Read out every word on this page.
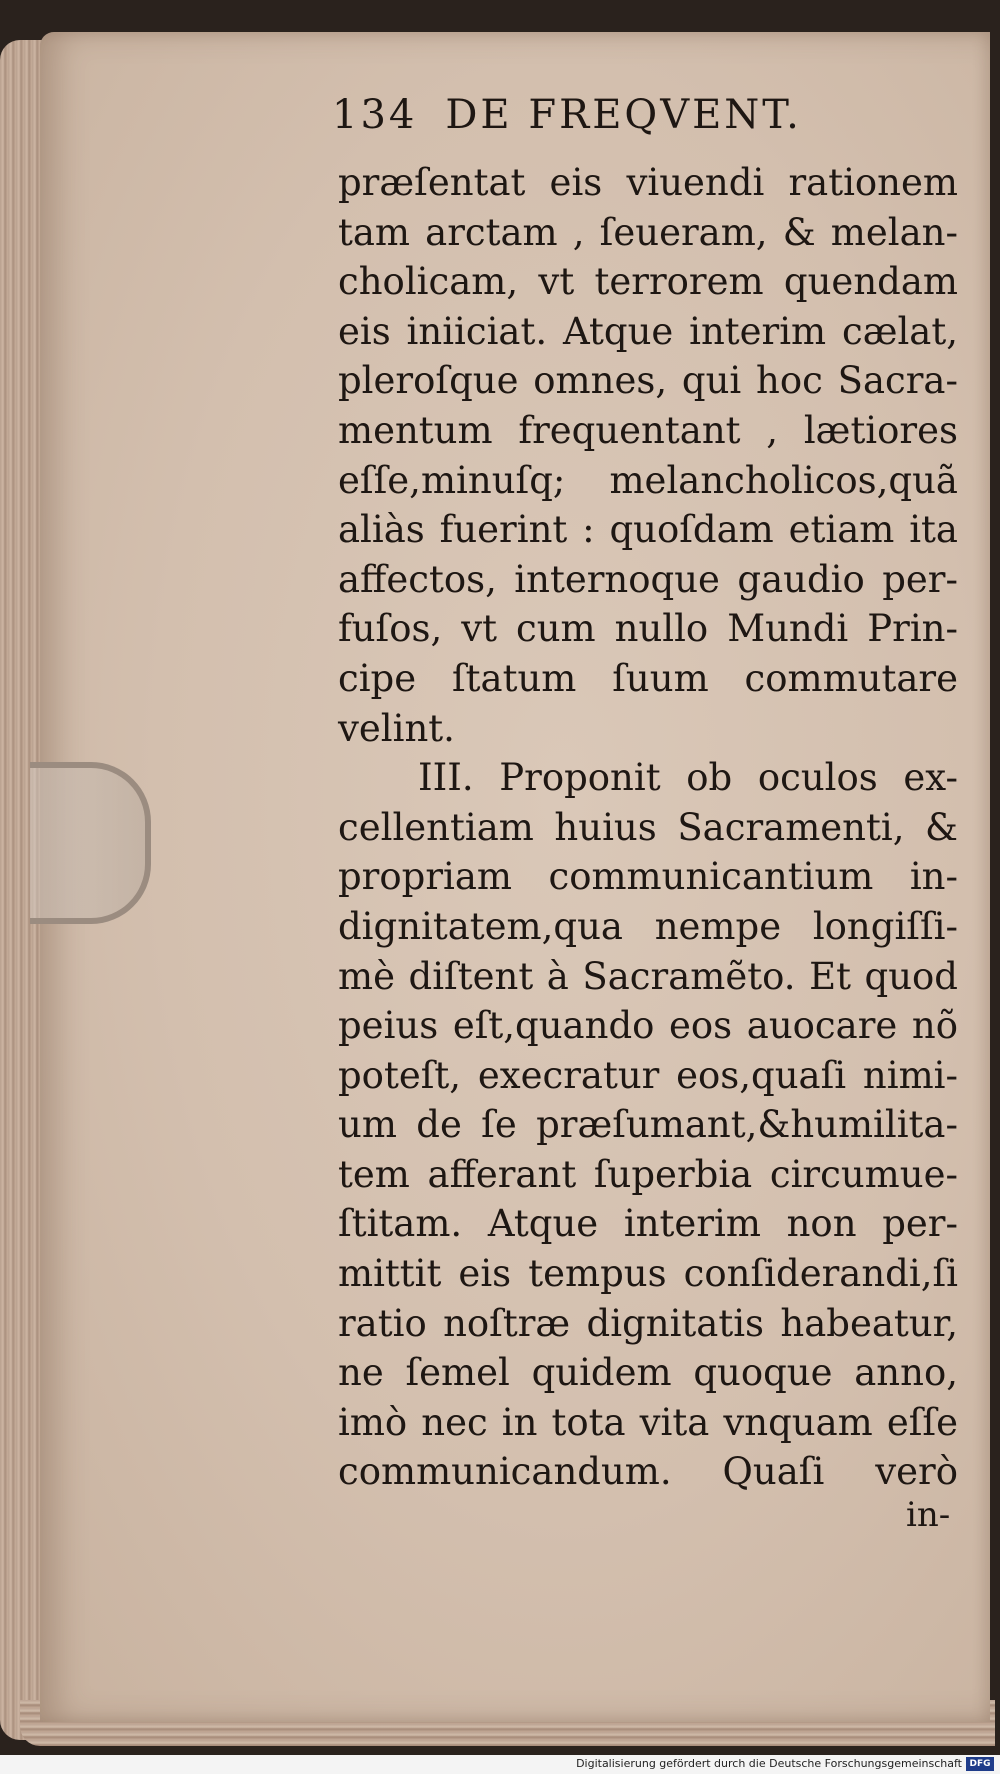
134 DE FREQVENT.
præſentat eis viuendi rationem
tam arctam , ſeueram, & melan-
cholicam, vt terrorem quendam
eis iniiciat. Atque interim cælat,
pleroſque omnes, qui hoc Sacra-
mentum frequentant , lætiores
eſſe,minuſq; melancholicos,quã
aliàs fuerint : quoſdam etiam ita
affectos, internoque gaudio per-
fuſos, vt cum nullo Mundi Prin-
cipe ſtatum ſuum commutare
velint.
III. Proponit ob oculos ex-
cellentiam huius Sacramenti, &
propriam communicantium in-
dignitatem,qua nempe longiſſi-
mè diſtent à Sacramẽto. Et quod
peius eſt,quando eos auocare nõ
poteſt, execratur eos,quaſi nimi-
um de ſe præſumant,&humilita-
tem afferant ſuperbia circumue-
ſtitam. Atque interim non per-
mittit eis tempus conſiderandi,ſi
ratio noſtræ dignitatis habeatur,
ne ſemel quidem quoque anno,
imò nec in tota vita vnquam eſſe
communicandum. Quaſi verò
in-
Digitalisierung gefördert durch die Deutsche Forschungsgemeinschaft DFG
